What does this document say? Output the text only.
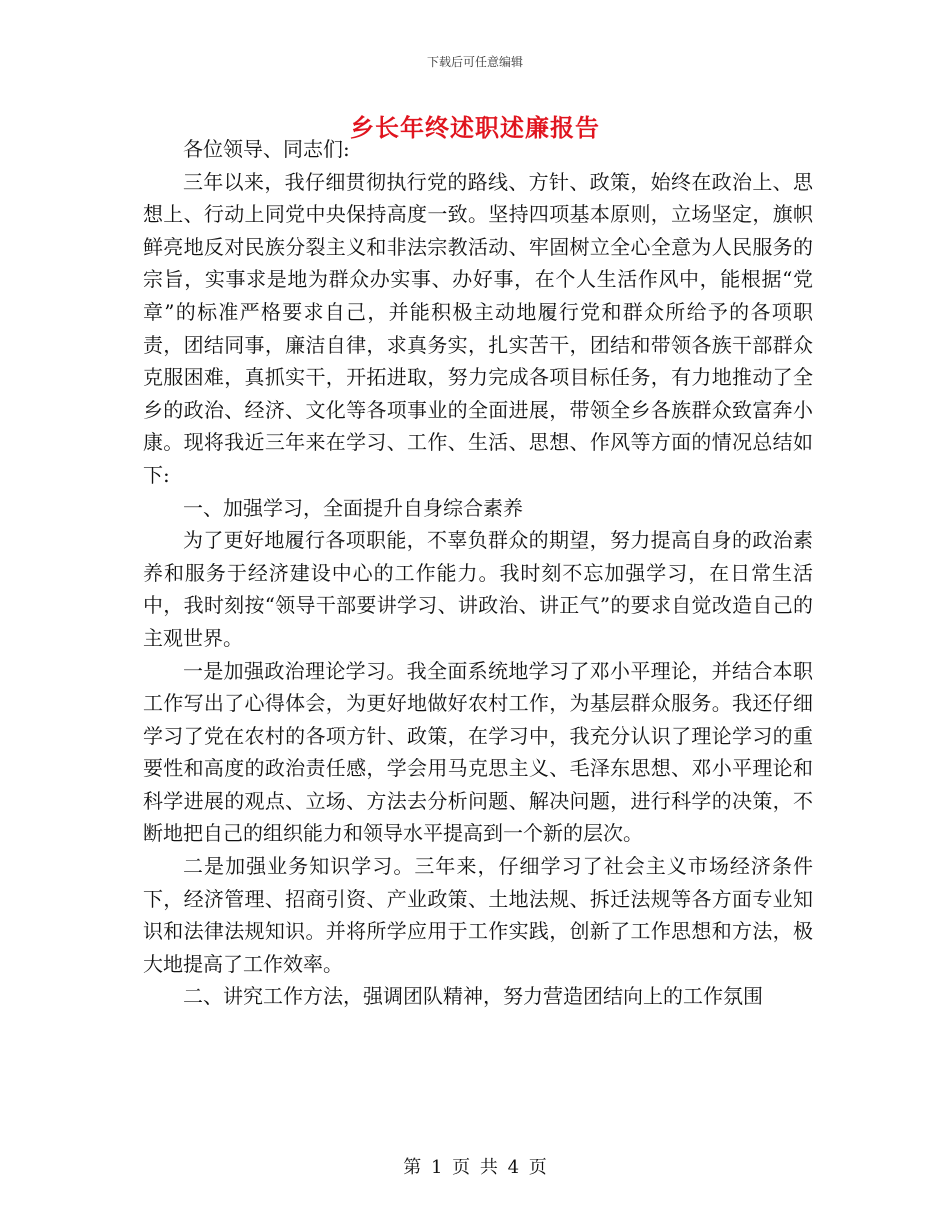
下载后可任意编辑
乡长年终述职述廉报告

各位领导、同志们:

三年以来，我仔细贯彻执行党的路线、方针、政策，始终在政治上、思想上、行动上同党中央保持高度一致。坚持四项基本原则，立场坚定，旗帜鲜亮地反对民族分裂主义和非法宗教活动、牢固树立全心全意为人民服务的宗旨，实事求是地为群众办实事、办好事，在个人生活作风中，能根据“党章”的标准严格要求自己，并能积极主动地履行党和群众所给予的各项职责，团结同事，廉洁自律，求真务实，扎实苦干，团结和带领各族干部群众克服困难，真抓实干，开拓进取，努力完成各项目标任务，有力地推动了全乡的政治、经济、文化等各项事业的全面进展，带领全乡各族群众致富奔小康。现将我近三年来在学习、工作、生活、思想、作风等方面的情况总结如下:

一、加强学习，全面提升自身综合素养

为了更好地履行各项职能，不辜负群众的期望，努力提高自身的政治素养和服务于经济建设中心的工作能力。我时刻不忘加强学习，在日常生活中，我时刻按“领导干部要讲学习、讲政治、讲正气”的要求自觉改造自己的主观世界。

一是加强政治理论学习。我全面系统地学习了邓小平理论，并结合本职工作写出了心得体会，为更好地做好农村工作，为基层群众服务。我还仔细学习了党在农村的各项方针、政策，在学习中，我充分认识了理论学习的重要性和高度的政治责任感，学会用马克思主义、毛泽东思想、邓小平理论和科学进展的观点、立场、方法去分析问题、解决问题，进行科学的决策，不断地把自己的组织能力和领导水平提高到一个新的层次。

二是加强业务知识学习。三年来，仔细学习了社会主义市场经济条件下，经济管理、招商引资、产业政策、土地法规、拆迁法规等各方面专业知识和法律法规知识。并将所学应用于工作实践，创新了工作思想和方法，极大地提高了工作效率。

二、讲究工作方法，强调团队精神，努力营造团结向上的工作氛围

第 1 页 共 4 页
